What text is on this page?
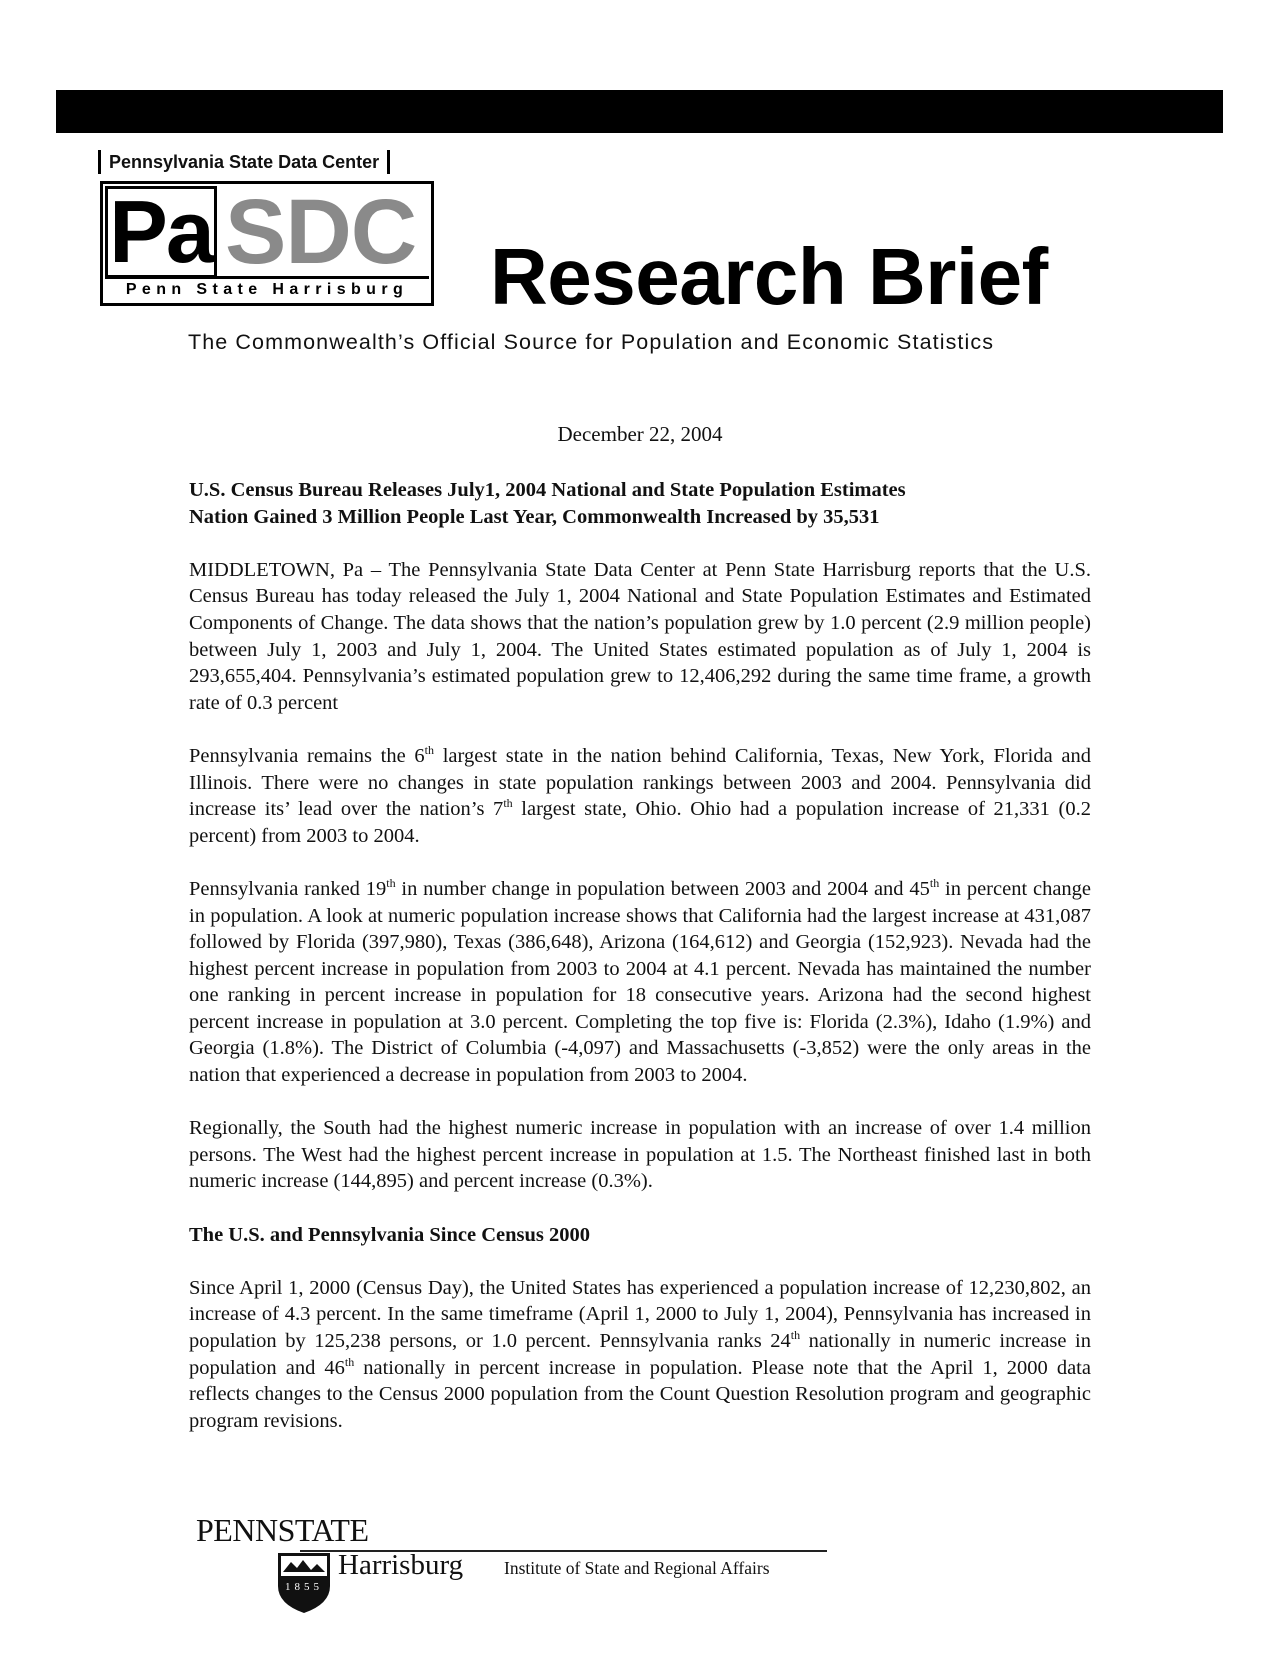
Pennsylvania State Data Center
Pa SDC
Penn State Harrisburg Research Brief
The Commonwealth’s Official Source for Population and Economic Statistics
December 22, 2004

U.S. Census Bureau Releases July1, 2004 National and State Population Estimates
Nation Gained 3 Million People Last Year, Commonwealth Increased by 35,531

MIDDLETOWN, Pa – The Pennsylvania State Data Center at Penn State Harrisburg reports that the U.S. Census Bureau has today released the July 1, 2004 National and State Population Estimates and Estimated Components of Change. The data shows that the nation’s population grew by 1.0 percent (2.9 million people) between July 1, 2003 and July 1, 2004. The United States estimated population as of July 1, 2004 is 293,655,404. Pennsylvania’s estimated population grew to 12,406,292 during the same time frame, a growth rate of 0.3 percent

Pennsylvania remains the 6th largest state in the nation behind California, Texas, New York, Florida and Illinois. There were no changes in state population rankings between 2003 and 2004. Pennsylvania did increase its’ lead over the nation’s 7th largest state, Ohio. Ohio had a population increase of 21,331 (0.2 percent) from 2003 to 2004.

Pennsylvania ranked 19th in number change in population between 2003 and 2004 and 45th in percent change in population. A look at numeric population increase shows that California had the largest increase at 431,087 followed by Florida (397,980), Texas (386,648), Arizona (164,612) and Georgia (152,923). Nevada had the highest percent increase in population from 2003 to 2004 at 4.1 percent. Nevada has maintained the number one ranking in percent increase in population for 18 consecutive years. Arizona had the second highest percent increase in population at 3.0 percent. Completing the top five is: Florida (2.3%), Idaho (1.9%) and Georgia (1.8%). The District of Columbia (-4,097) and Massachusetts (-3,852) were the only areas in the nation that experienced a decrease in population from 2003 to 2004.

Regionally, the South had the highest numeric increase in population with an increase of over 1.4 million persons. The West had the highest percent increase in population at 1.5. The Northeast finished last in both numeric increase (144,895) and percent increase (0.3%).

The U.S. and Pennsylvania Since Census 2000

Since April 1, 2000 (Census Day), the United States has experienced a population increase of 12,230,802, an increase of 4.3 percent. In the same timeframe (April 1, 2000 to July 1, 2004), Pennsylvania has increased in population by 125,238 persons, or 1.0 percent. Pennsylvania ranks 24th nationally in numeric increase in population and 46th nationally in percent increase in population. Please note that the April 1, 2000 data reflects changes to the Census 2000 population from the Count Question Resolution program and geographic program revisions.

PENNSTATE
1855
Harrisburg Institute of State and Regional Affairs
